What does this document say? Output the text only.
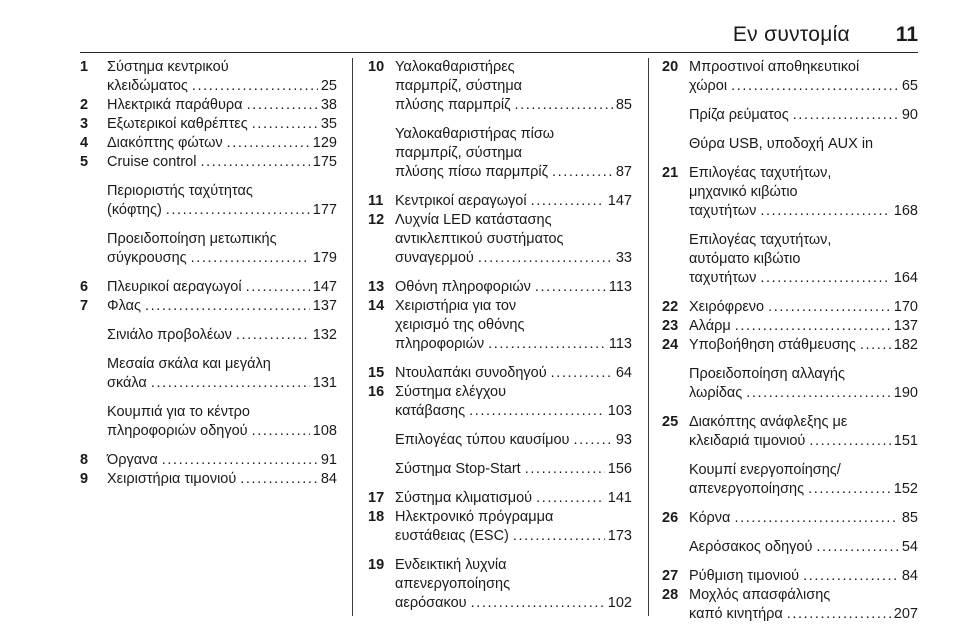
Εν συντομία 11
1	Σύστημα κεντρικού
κλειδώματος .....	25
2	Ηλεκτρικά παράθυρα .....	38
3	Εξωτερικοί καθρέπτες .....	35
4	Διακόπτης φώτων .....	129
5	Cruise control .....	175
Περιοριστής ταχύτητας
(κόφτης) .....	177
Προειδοποίηση μετωπικής
σύγκρουσης .....	179
6	Πλευρικοί αεραγωγοί .....	147
7	Φλας .....	137
Σινιάλο προβολέων .....	132
Μεσαία σκάλα και μεγάλη
σκάλα .....	131
Κουμπιά για το κέντρο
πληροφοριών οδηγού .....	108
8	Όργανα .....	91
9	Χειριστήρια τιμονιού .....	84
10 Υαλοκαθαριστήρες
παρμπρίζ, σύστημα
πλύσης παρμπρίζ .....	85
Υαλοκαθαριστήρας πίσω
παρμπρίζ, σύστημα
πλύσης πίσω παρμπρίζ .....	87
11 Κεντρικοί αεραγωγοί .....	147
12 Λυχνία LED κατάστασης
αντικλεπτικού συστήματος
συναγερμού .....	33
13 Οθόνη πληροφοριών .....	113
14 Χειριστήρια για τον
χειρισμό της οθόνης
πληροφοριών .....	113
15 Ντουλαπάκι συνοδηγού .....	64
16 Σύστημα ελέγχου
κατάβασης .....	103
Επιλογέας τύπου καυσίμου .....	93
Σύστημα Stop-Start .....	156
17 Σύστημα κλιματισμού .....	141
18 Ηλεκτρονικό πρόγραμμα
ευστάθειας (ESC) .....	173
19 Ενδεικτική λυχνία
απενεργοποίησης
αερόσακου .....	102
20 Μπροστινοί αποθηκευτικοί
χώροι .....	65
Πρίζα ρεύματος .....	90
Θύρα USB, υποδοχή AUX in
21 Επιλογέας ταχυτήτων,
μηχανικό κιβώτιο
ταχυτήτων .....	168
Επιλογέας ταχυτήτων,
αυτόματο κιβώτιο
ταχυτήτων .....	164
22 Χειρόφρενο .....	170
23 Αλάρμ .....	137
24 Υποβοήθηση στάθμευσης .....	182
Προειδοποίηση αλλαγής
λωρίδας .....	190
25 Διακόπτης ανάφλεξης με
κλειδαριά τιμονιού .....	151
Κουμπί ενεργοποίησης/
απενεργοποίησης .....	152
26 Κόρνα .....	85
Αερόσακος οδηγού .....	54
27 Ρύθμιση τιμονιού .....	84
28 Μοχλός απασφάλισης
καπό κινητήρα .....	207
